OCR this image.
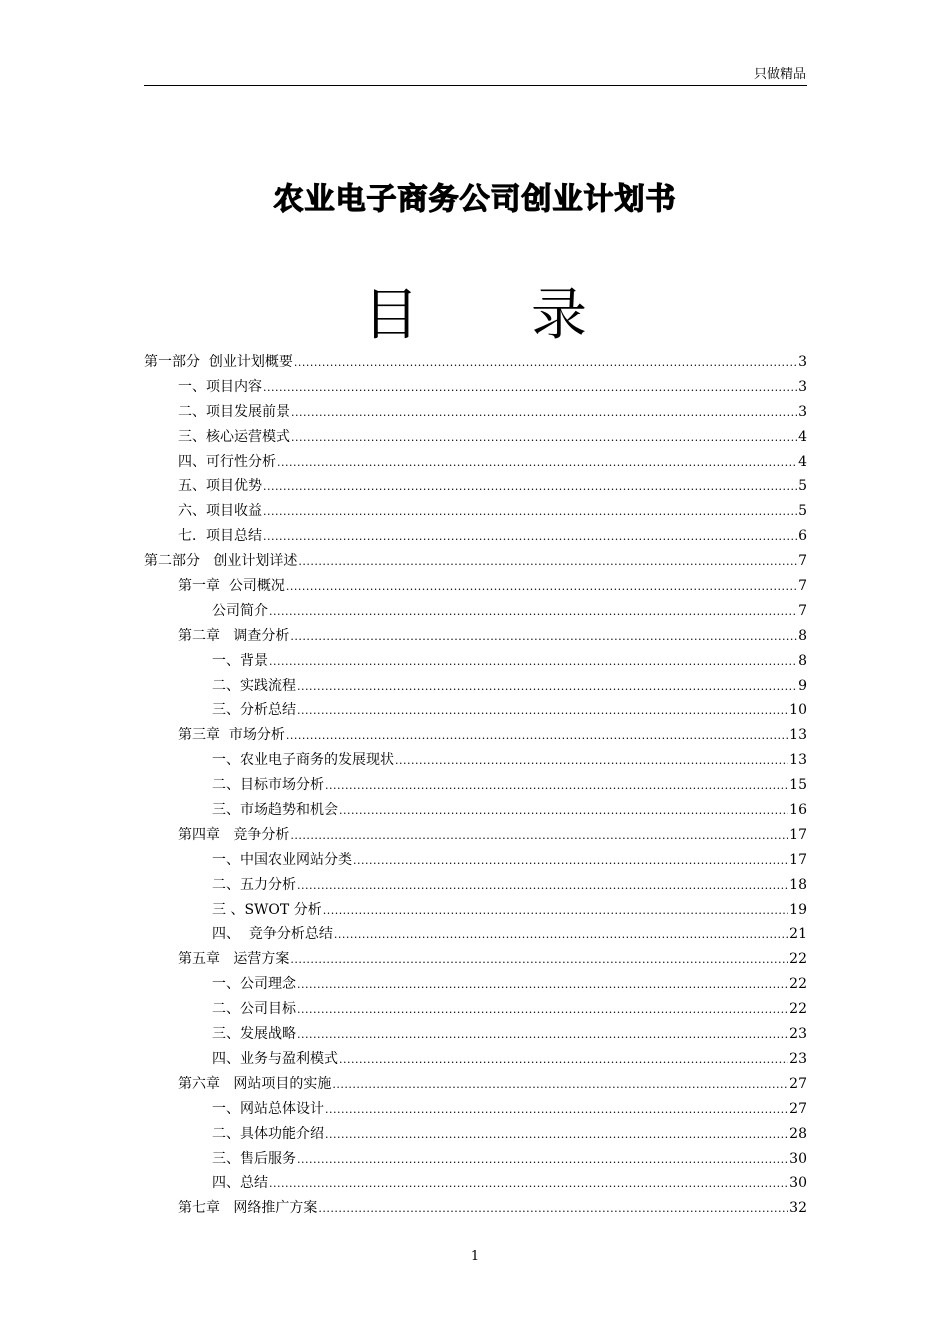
只做精品
农业电子商务公司创业计划书
目 录
第一部分  创业计划概要 .....	3
一、项目内容 .....	3
二、项目发展前景 .....	3
三、核心运营模式 .....	4
四、可行性分析 .....	4
五、项目优势 .....	5
六、项目收益 .....	5
七．项目总结 .....	6
第二部分   创业计划详述 .....	7
第一章  公司概况 .....	7
公司简介 .....	7
第二章   调查分析 .....	8
一、背景 .....	8
二、实践流程 .....	9
三、分析总结 .....	10
第三章  市场分析 .....	13
一、农业电子商务的发展现状 .....	13
二、目标市场分析 .....	15
三、市场趋势和机会 .....	16
第四章   竞争分析 .....	17
一、中国农业网站分类 .....	17
二、五力分析 .....	18
三 、SWOT 分析 .....	19
四、  竞争分析总结 .....	21
第五章   运营方案 .....	22
一、公司理念 .....	22
二、公司目标 .....	22
三、发展战略 .....	23
四、业务与盈利模式 .....	23
第六章   网站项目的实施 .....	27
一、网站总体设计 .....	27
二、具体功能介绍 .....	28
三、售后服务 .....	30
四、总结 .....	30
第七章   网络推广方案 .....	32
1
